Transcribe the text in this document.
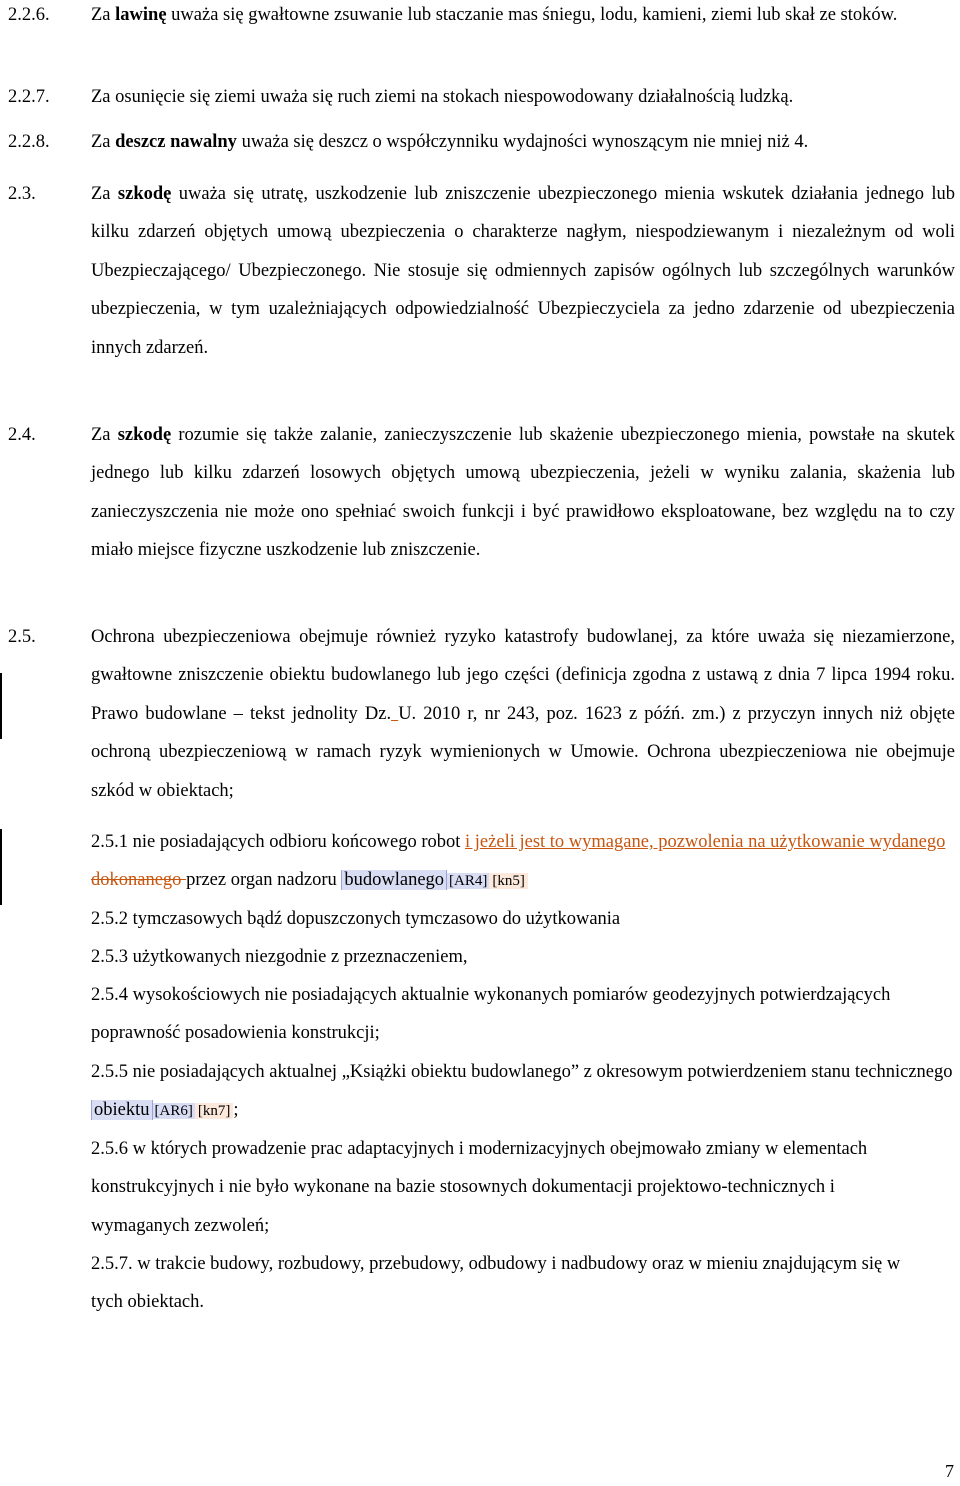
2.2.6. Za lawinę uważa się gwałtowne zsuwanie lub staczanie mas śniegu, lodu, kamieni, ziemi lub skał ze stoków.
2.2.7. Za osunięcie się ziemi uważa się ruch ziemi na stokach niespowodowany działalnością ludzką.
2.2.8. Za deszcz nawalny uważa się deszcz o współczynniku wydajności wynoszącym nie mniej niż 4.
2.3.	Za szkodę uważa się utratę, uszkodzenie lub zniszczenie ubezpieczonego mienia wskutek działania jednego lub kilku zdarzeń objętych umową ubezpieczenia o charakterze nagłym, niespodziewanym i niezależnym od woli Ubezpieczającego/ Ubezpieczonego. Nie stosuje się odmiennych zapisów ogólnych lub szczególnych warunków ubezpieczenia, w tym uzależniających odpowiedzialność Ubezpieczyciela za jedno zdarzenie od ubezpieczenia innych zdarzeń.
2.4.	Za szkodę rozumie się także zalanie, zanieczyszczenie lub skażenie ubezpieczonego mienia, powstałe na skutek jednego lub kilku zdarzeń losowych objętych umową ubezpieczenia, jeżeli w wyniku zalania, skażenia lub zanieczyszczenia nie może ono spełniać swoich funkcji i być prawidłowo eksploatowane, bez względu na to czy miało miejsce fizyczne uszkodzenie lub zniszczenie.
2.5.	Ochrona ubezpieczeniowa obejmuje również ryzyko katastrofy budowlanej, za które uważa się niezamierzone, gwałtowne zniszczenie obiektu budowlanego lub jego części (definicja zgodna z ustawą z dnia 7 lipca 1994 roku. Prawo budowlane – tekst jednolity Dz. U. 2010 r, nr 243, poz. 1623 z późń. zm.) z przyczyn innych niż objęte ochroną ubezpieczeniową w ramach ryzyk wymienionych w Umowie. Ochrona ubezpieczeniowa nie obejmuje szkód w obiektach;
2.5.1 nie posiadających odbioru końcowego robot i jeżeli jest to wymagane, pozwolenia na użytkowanie wydanego dokonanego przez organ nadzoru budowlanego [AR4] [kn5]
2.5.2 tymczasowych bądź dopuszczonych tymczasowo do użytkowania
2.5.3 użytkowanych niezgodnie z przeznaczeniem,
2.5.4 wysokościowych nie posiadających aktualnie wykonanych pomiarów geodezyjnych potwierdzających poprawność posadowienia konstrukcji;
2.5.5 nie posiadających aktualnej „Książki obiektu budowlanego” z okresowym potwierdzeniem stanu technicznego obiektu [AR6] [kn7] ;
2.5.6 w których prowadzenie prac adaptacyjnych i modernizacyjnych obejmowało zmiany w elementach konstrukcyjnych i nie było wykonane na bazie stosownych dokumentacji projektowo-technicznych i wymaganych zezwoleń;
2.5.7. w trakcie budowy, rozbudowy, przebudowy, odbudowy i nadbudowy oraz w mieniu znajdującym się w tych obiektach.
7
